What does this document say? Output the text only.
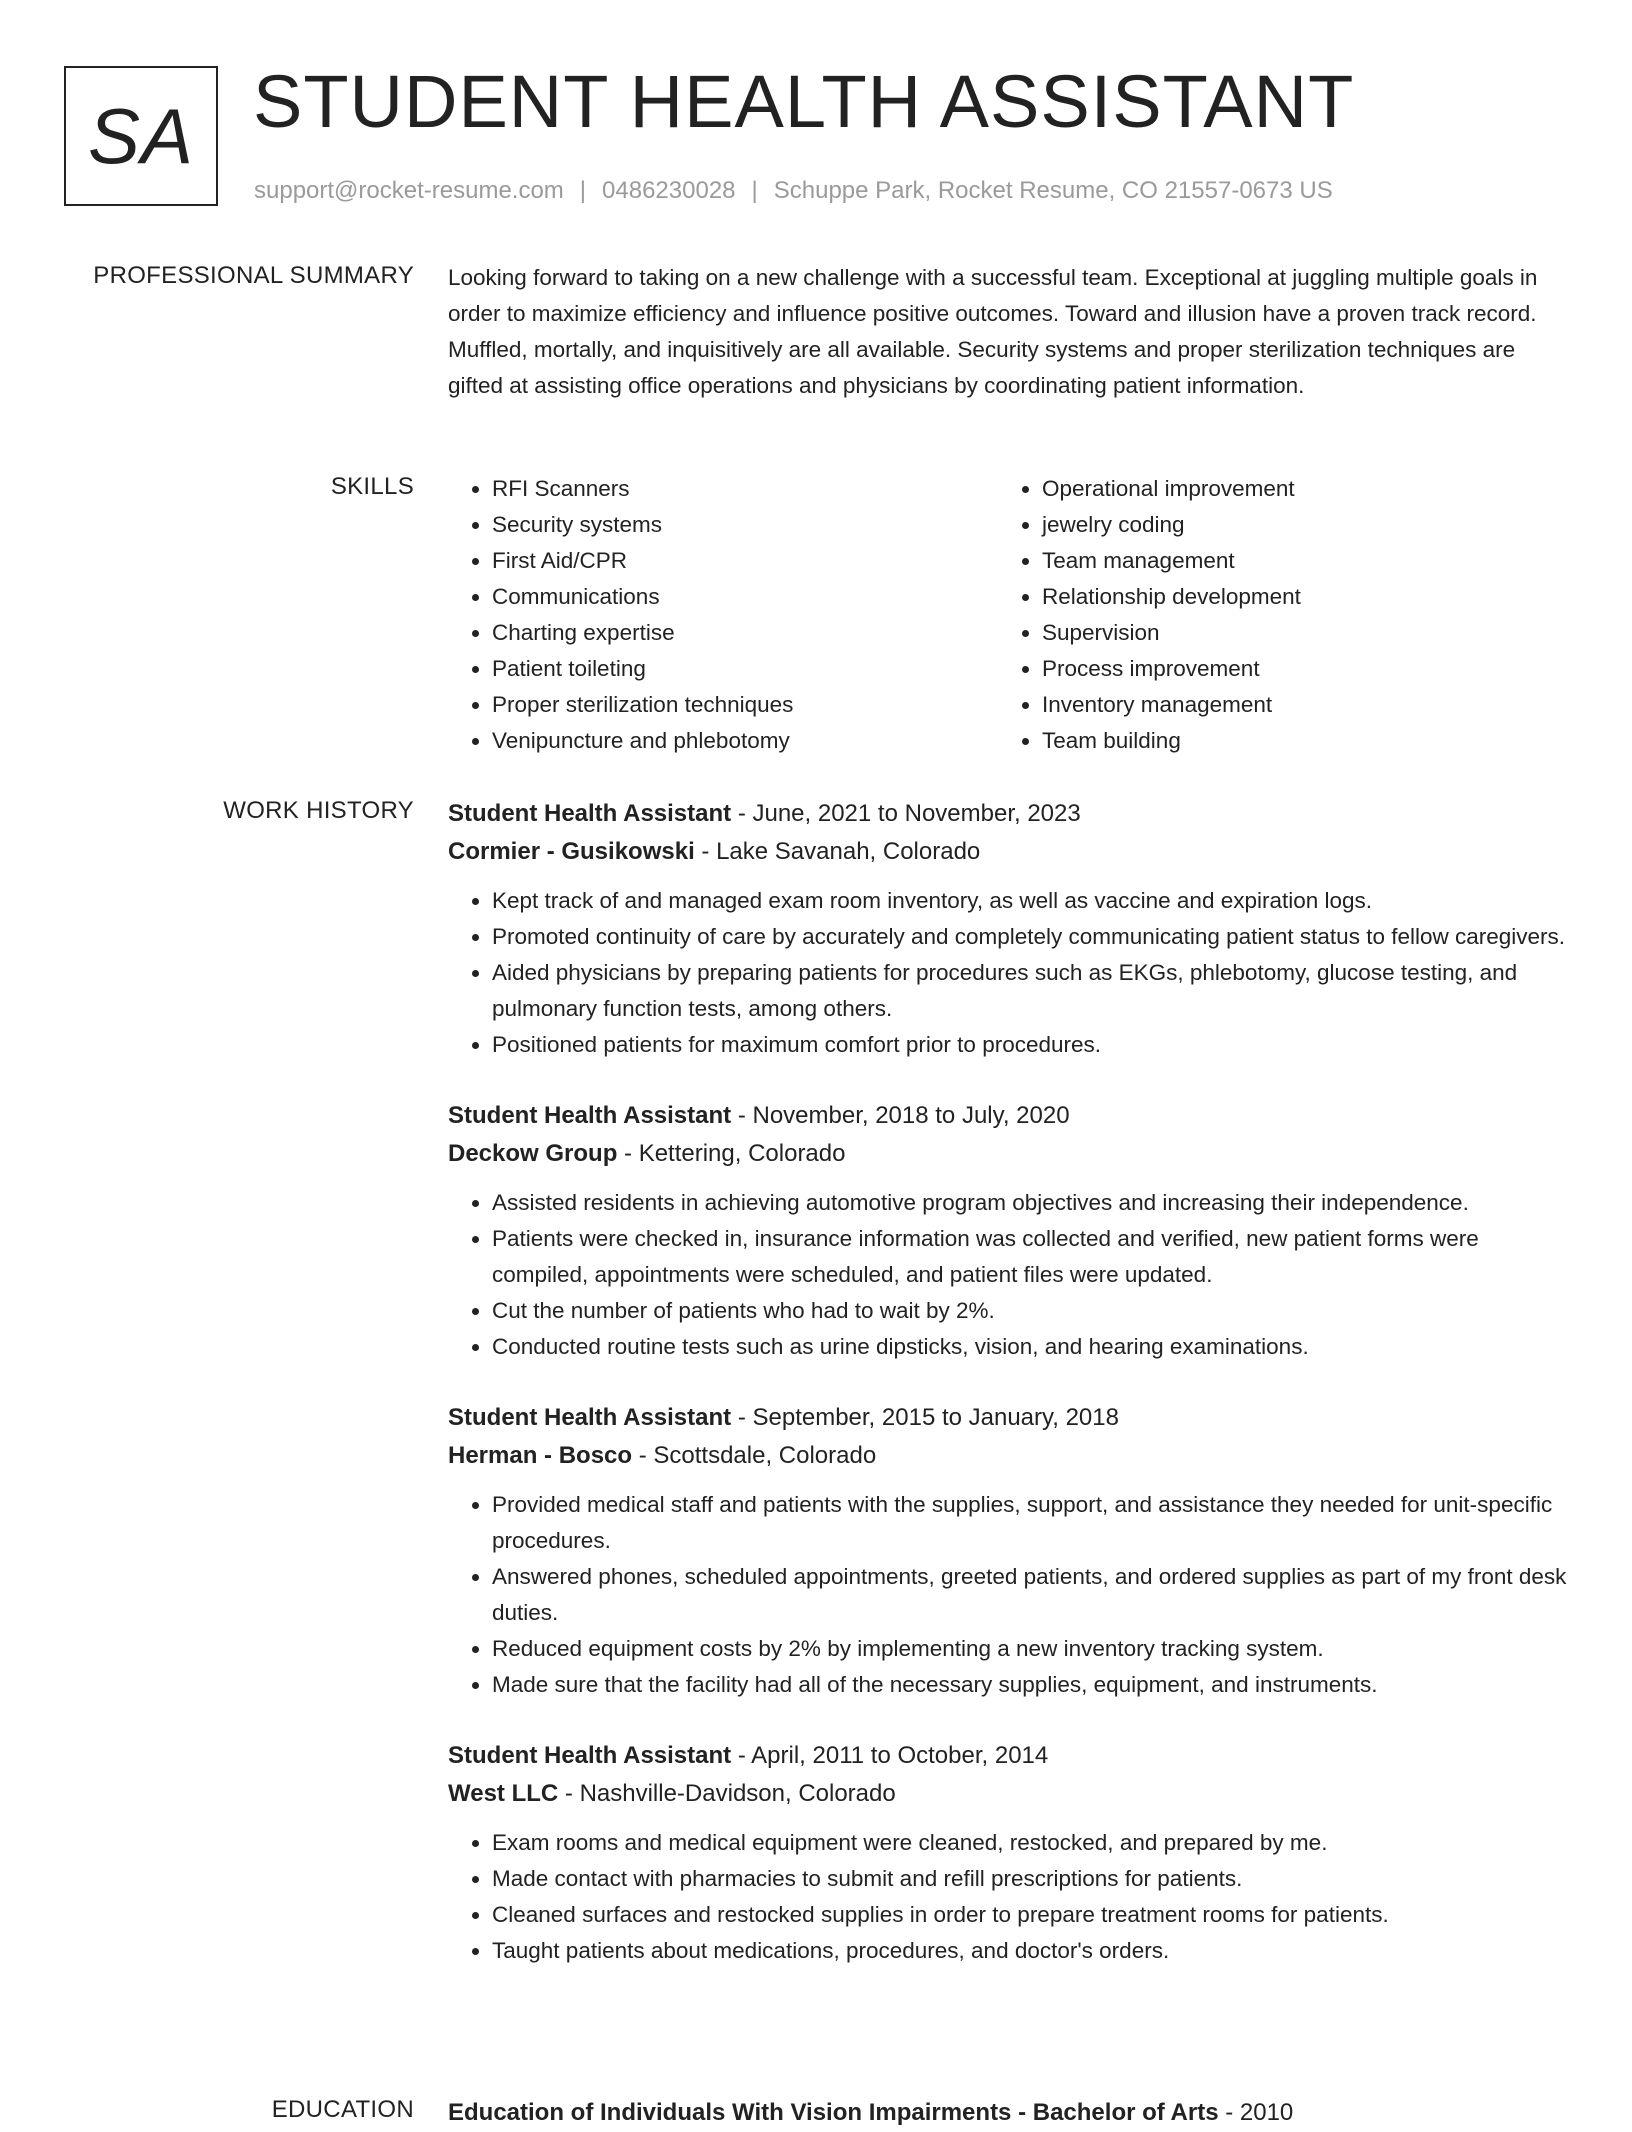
SA STUDENT HEALTH ASSISTANT
support@rocket-resume.com | 0486230028 | Schuppe Park, Rocket Resume, CO 21557-0673 US
PROFESSIONAL SUMMARY Looking forward to taking on a new challenge with a successful team. Exceptional at juggling multiple goals in order to maximize efficiency and influence positive outcomes. Toward and illusion have a proven track record. Muffled, mortally, and inquisitively are all available. Security systems and proper sterilization techniques are gifted at assisting office operations and physicians by coordinating patient information.

SKILLS
•	RFI Scanners
• Security systems
• First Aid/CPR
• Communications
• Charting expertise
• Patient toileting
• Proper sterilization techniques
• Venipuncture and phlebotomy
• Operational improvement
• jewelry coding
• Team management
• Relationship development
• Supervision
• Process improvement
• Inventory management
• Team building
WORK HISTORY Student Health Assistant - June, 2021 to November, 2023
Cormier - Gusikowski - Lake Savanah, Colorado
• Kept track of and managed exam room inventory, as well as vaccine and expiration logs.
• Promoted continuity of care by accurately and completely communicating patient status to fellow caregivers.
• Aided physicians by preparing patients for procedures such as EKGs, phlebotomy, glucose testing, and pulmonary function tests, among others.
• Positioned patients for maximum comfort prior to procedures.
Student Health Assistant - November, 2018 to July, 2020
Deckow Group - Kettering, Colorado
• Assisted residents in achieving automotive program objectives and increasing their independence.
• Patients were checked in, insurance information was collected and verified, new patient forms were compiled, appointments were scheduled, and patient files were updated.
• Cut the number of patients who had to wait by 2%.
• Conducted routine tests such as urine dipsticks, vision, and hearing examinations.
Student Health Assistant - September, 2015 to January, 2018
Herman - Bosco - Scottsdale, Colorado
• Provided medical staff and patients with the supplies, support, and assistance they needed for unit-specific procedures.
• Answered phones, scheduled appointments, greeted patients, and ordered supplies as part of my front desk duties.
• Reduced equipment costs by 2% by implementing a new inventory tracking system.
• Made sure that the facility had all of the necessary supplies, equipment, and instruments.
Student Health Assistant - April, 2011 to October, 2014
West LLC - Nashville-Davidson, Colorado
• Exam rooms and medical equipment were cleaned, restocked, and prepared by me.
• Made contact with pharmacies to submit and refill prescriptions for patients.
• Cleaned surfaces and restocked supplies in order to prepare treatment rooms for patients.
• Taught patients about medications, procedures, and doctor's orders.
EDUCATION Education of Individuals With Vision Impairments - Bachelor of Arts - 2010
